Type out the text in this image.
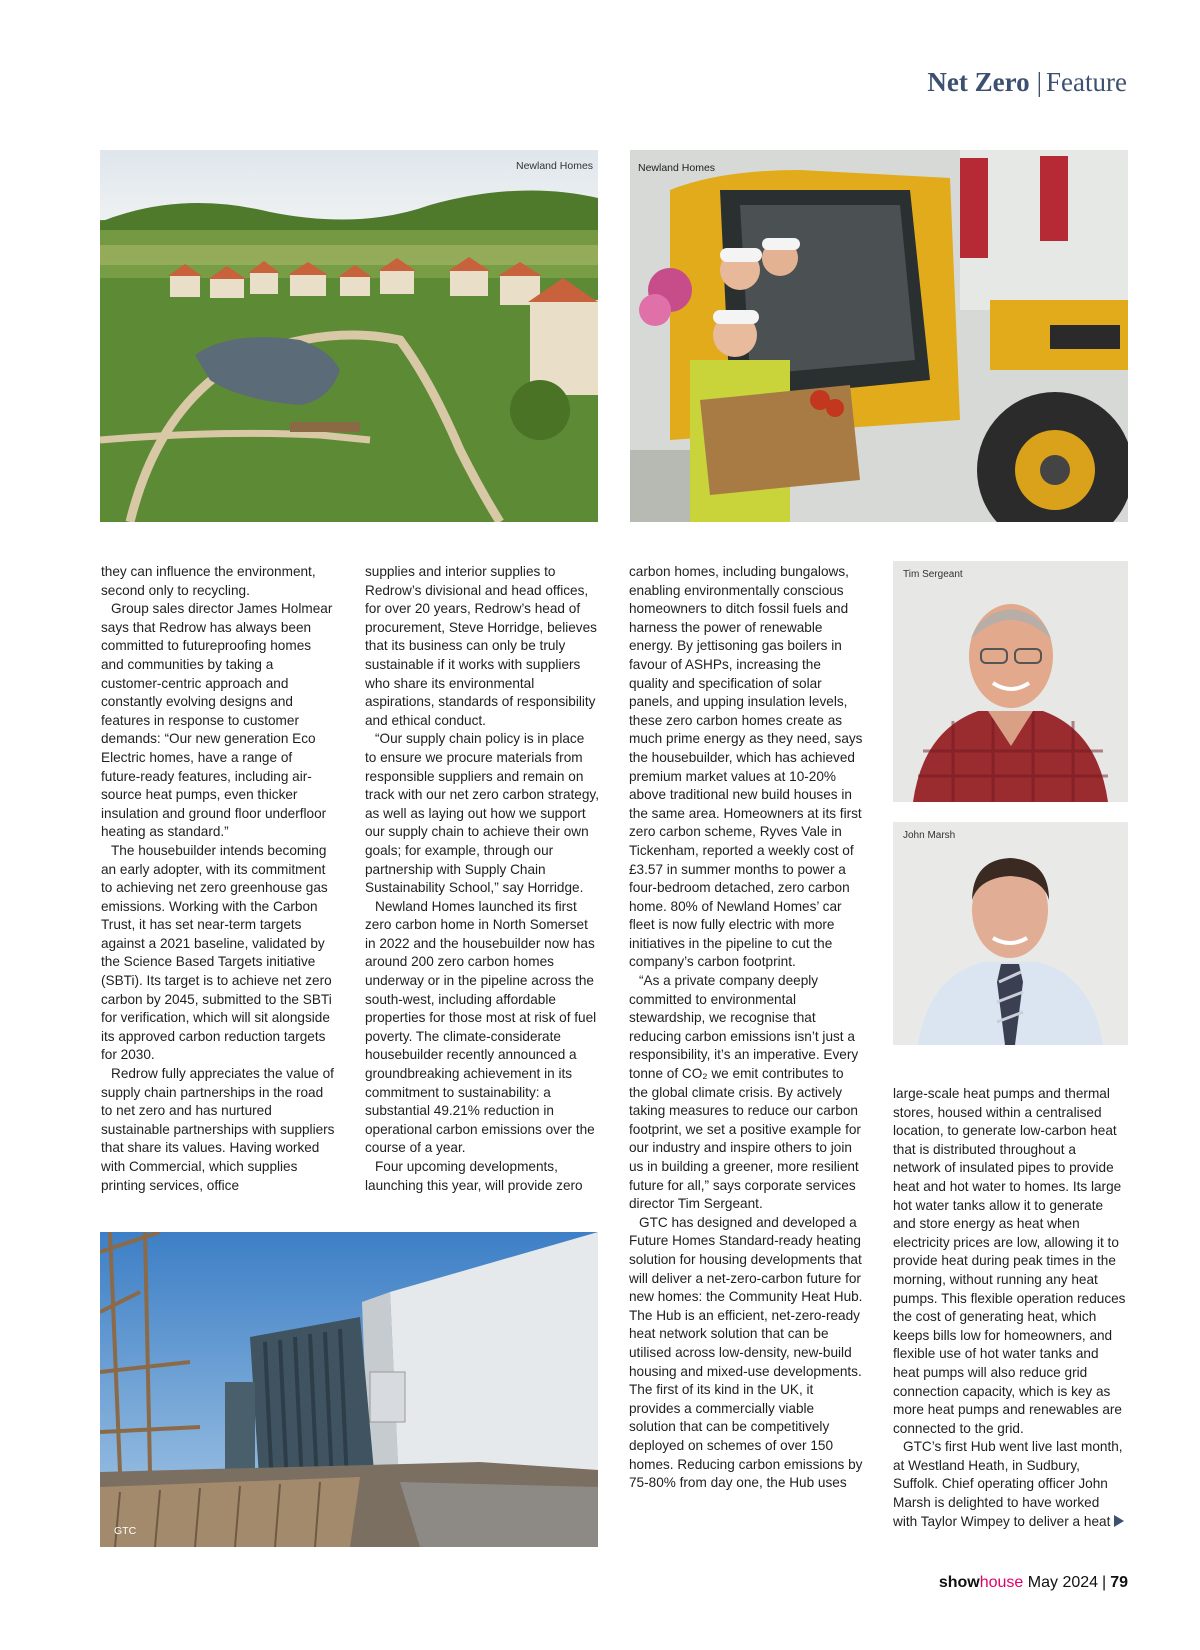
Net Zero | Feature
Newland Homes	Newland Homes

they can influence the environment, second only to recycling.

Group sales director James Holmear says that Redrow has always been committed to futureproofing homes and communities by taking a customer-centric approach and constantly evolving designs and features in response to customer demands: “Our new generation Eco Electric homes, have a range of future-ready features, including air-source heat pumps, even thicker insulation and ground floor underfloor heating as standard.”

The housebuilder intends becoming an early adopter, with its commitment to achieving net zero greenhouse gas emissions. Working with the Carbon Trust, it has set near-term targets against a 2021 baseline, validated by the Science Based Targets initiative (SBTi). Its target is to achieve net zero carbon by 2045, submitted to the SBTi for verification, which will sit alongside its approved carbon reduction targets for 2030.

Redrow fully appreciates the value of supply chain partnerships in the road to net zero and has nurtured sustainable partnerships with suppliers that share its values. Having worked with Commercial, which supplies printing services, office

supplies and interior supplies to Redrow’s divisional and head offices, for over 20 years, Redrow’s head of procurement, Steve Horridge, believes that its business can only be truly sustainable if it works with suppliers who share its environmental aspirations, standards of responsibility and ethical conduct.

“Our supply chain policy is in place to ensure we procure materials from responsible suppliers and remain on track with our net zero carbon strategy, as well as laying out how we support our supply chain to achieve their own goals; for example, through our partnership with Supply Chain Sustainability School,” say Horridge.

Newland Homes launched its first zero carbon home in North Somerset in 2022 and the housebuilder now has around 200 zero carbon homes underway or in the pipeline across the south-west, including affordable properties for those most at risk of fuel poverty. The climate-considerate housebuilder recently announced a groundbreaking achievement in its commitment to sustainability: a substantial 49.21% reduction in operational carbon emissions over the course of a year.

Four upcoming developments, launching this year, will provide zero

carbon homes, including bungalows, enabling environmentally conscious homeowners to ditch fossil fuels and harness the power of renewable energy. By jettisoning gas boilers in favour of ASHPs, increasing the quality and specification of solar panels, and upping insulation levels, these zero carbon homes create as much prime energy as they need, says the housebuilder, which has achieved premium market values at 10-20% above traditional new build houses in the same area. Homeowners at its first zero carbon scheme, Ryves Vale in Tickenham, reported a weekly cost of £3.57 in summer months to power a four-bedroom detached, zero carbon home. 80% of Newland Homes’ car fleet is now fully electric with more initiatives in the pipeline to cut the company’s carbon footprint.

“As a private company deeply committed to environmental stewardship, we recognise that reducing carbon emissions isn’t just a responsibility, it’s an imperative. Every tonne of CO₂ we emit contributes to the global climate crisis. By actively taking measures to reduce our carbon footprint, we set a positive example for our industry and inspire others to join us in building a greener, more resilient future for all,” says corporate services director Tim Sergeant.

GTC has designed and developed a Future Homes Standard-ready heating solution for housing developments that will deliver a net-zero-carbon future for new homes: the Community Heat Hub. The Hub is an efficient, net-zero-ready heat network solution that can be utilised across low-density, new-build housing and mixed-use developments. The first of its kind in the UK, it provides a commercially viable solution that can be competitively deployed on schemes of over 150 homes. Reducing carbon emissions by 75-80% from day one, the Hub uses

large-scale heat pumps and thermal stores, housed within a centralised location, to generate low-carbon heat that is distributed throughout a network of insulated pipes to provide heat and hot water to homes. Its large hot water tanks allow it to generate and store energy as heat when electricity prices are low, allowing it to provide heat during peak times in the morning, without running any heat pumps. This flexible operation reduces the cost of generating heat, which keeps bills low for homeowners, and flexible use of hot water tanks and heat pumps will also reduce grid connection capacity, which is key as more heat pumps and renewables are connected to the grid.

GTC’s first Hub went live last month, at Westland Heath, in Sudbury, Suffolk. Chief operating officer John Marsh is delighted to have worked with Taylor Wimpey to deliver a heat

Tim Sergeant
John Marsh
GTC
showhouse May 2024 | 79
